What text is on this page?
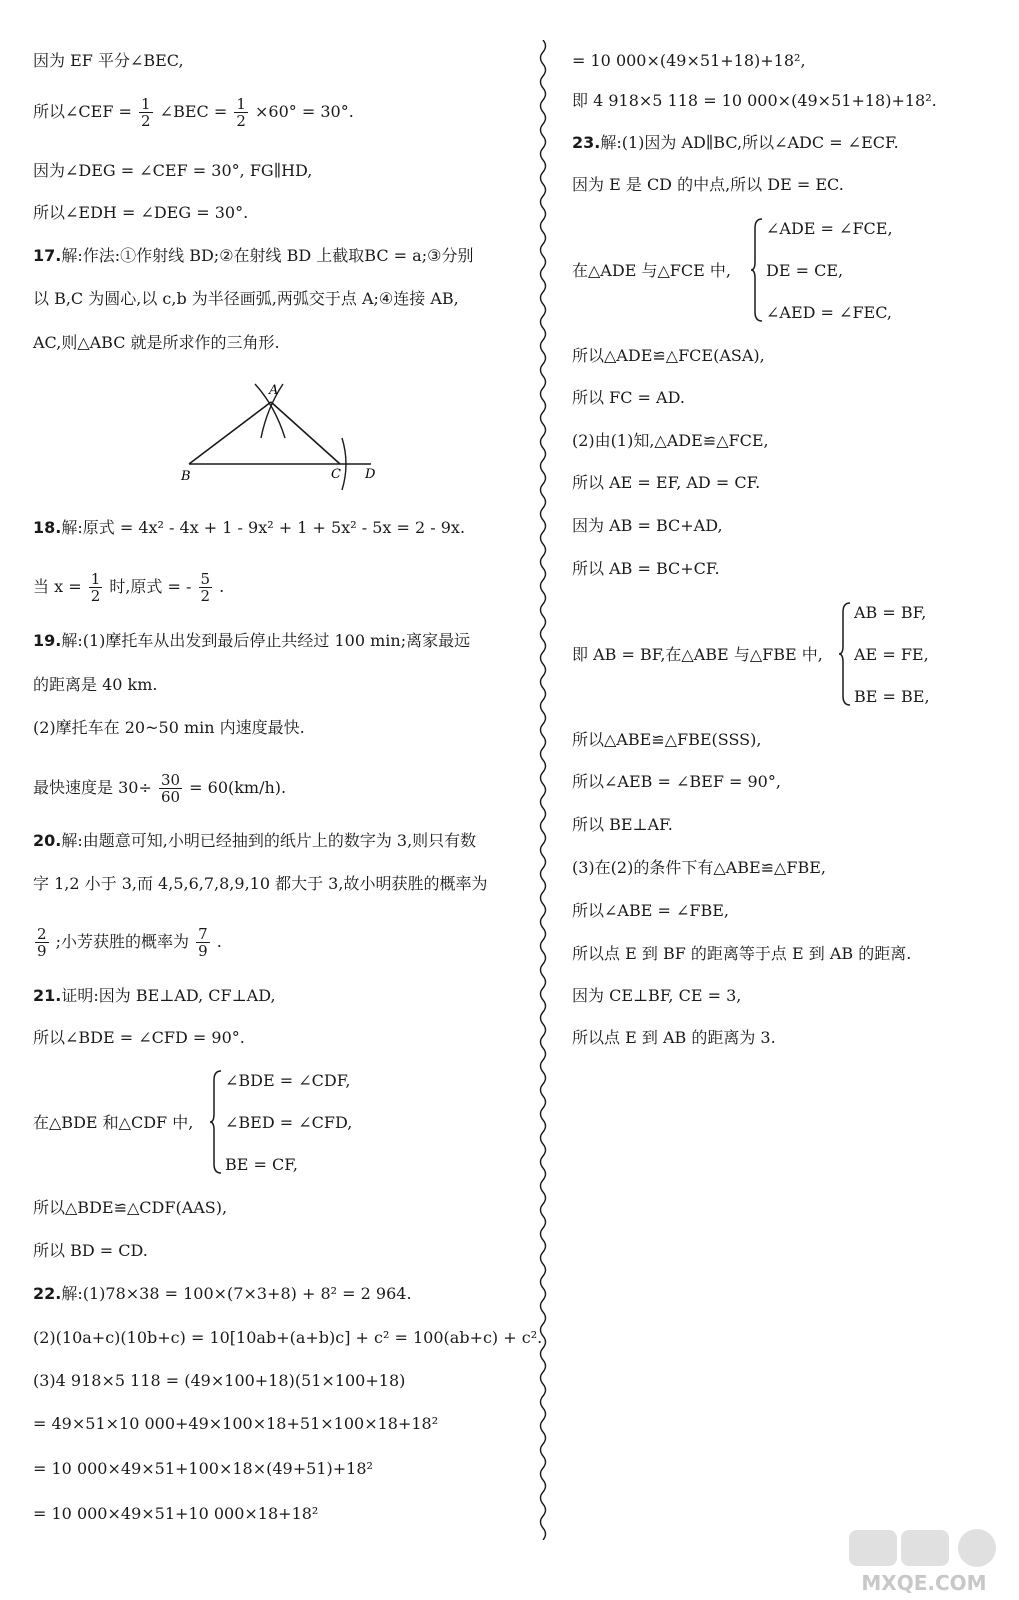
因为 EF 平分∠BEC,
所以∠CEF = $\frac{1}{2}$ ∠BEC = $\frac{1}{2} \times 60^\circ = 30^\circ$.
因为∠DEG = ∠CEF = 30°, FG∥HD,
所以∠EDH = ∠DEG = 30°.
17.解:作法:①作射线 BD;②在射线 BD 上截取BC = a;③分别
以 B,C 为圆心,以 c,b 为半径画弧,两弧交于点 A;④连接 AB,
AC,则△ABC 就是所求作的三角形.
18.解:原式 = 4x² - 4x + 1 - 9x² + 1 + 5x² - 5x = 2 - 9x.
当 $x = \frac{1}{2}$ 时,原式 = - $\frac{5}{2}$ .
19.解:(1)摩托车从出发到最后停止共经过 100 min;离家最远
的距离是 40 km.
(2)摩托车在 20~50 min 内速度最快.
最快速度是 $30\div \frac{30}{60} = 60(km/h)$.
20.解:由题意可知,小明已经抽到的纸片上的数字为 3,则只有数
字 1,2 小于 3,而 4,5,6,7,8,9,10 都大于 3,故小明获胜的概率为
$\frac{2}{9}$ ;小芳获胜的概率为 $\frac{7}{9}$ .
21.证明:因为 BE⊥AD, CF⊥AD,
所以∠BDE = ∠CFD = 90°.
在△BDE 和△CDF 中,
∠BDE = ∠CDF,
∠BED = ∠CFD,
BE = CF,
所以△BDE≌△CDF(AAS),
所以 BD = CD.
22.解:(1)78×38 = 100×(7×3+8) + 8² = 2 964.
(2)(10a+c)(10b+c) = 10[10ab+(a+b)c] + c² = 100(ab+c) + c².
(3)4 918×5 118 = (49×100+18)(51×100+18)
= 49×51×10 000+49×100×18+51×100×18+18²
= 10 000×49×51+100×18×(49+51)+18²
= 10 000×49×51+10 000×18+18²
A
B	C D
= 10 000×(49×51+18)+18²,
即 4 918×5 118 = 10 000×(49×51+18)+18².
23.解:(1)因为 AD∥BC,所以∠ADC = ∠ECF.
因为 E 是 CD 的中点,所以 DE = EC.
在△ADE 与△FCE 中,
∠ADE = ∠FCE,
DE = CE,
∠AED = ∠FEC,
所以△ADE≌△FCE(ASA),
所以 FC = AD.
(2)由(1)知,△ADE≌△FCE,
所以 AE = EF, AD = CF.
因为 AB = BC+AD,
所以 AB = BC+CF.
即 AB = BF,在△ABE 与△FBE 中,
AB = BF,
AE = FE,
BE = BE,
所以△ABE≌△FBE(SSS),
所以∠AEB = ∠BEF = 90°,
所以 BE⊥AF.
(3)在(2)的条件下有△ABE≌△FBE,
所以∠ABE = ∠FBE,
所以点 E 到 BF 的距离等于点 E 到 AB 的距离.
因为 CE⊥BF, CE = 3,
所以点 E 到 AB 的距离为 3.
MXQE.COM
